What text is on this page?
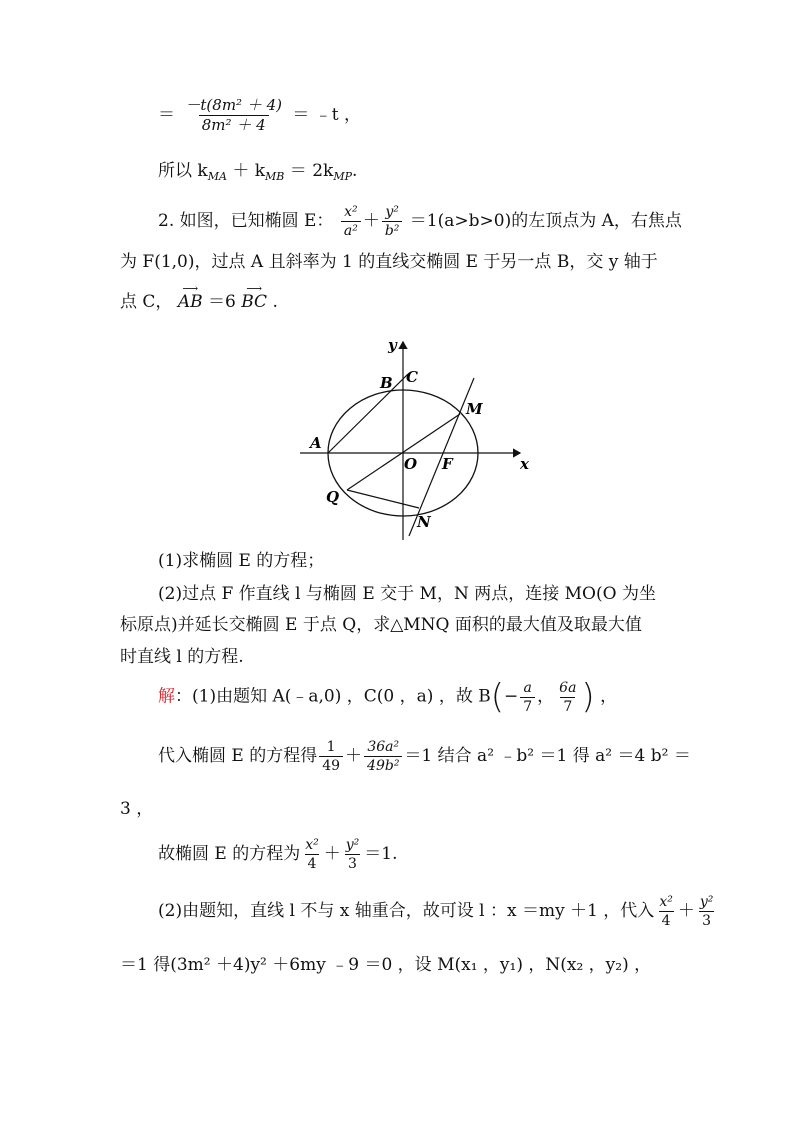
＝ $\frac{\text{－t(8m² ＋ 4)}}{\text{8m² ＋ 4}}$ ＝ ﹣t ，
所以 $k_{MA} + k_{MB} = 2k_{MP}$.
2. 如图，已知椭圆 E： $\frac{\text{x²}}{\text{a²}} + \frac{\text{y²}}{\text{b²}} =1(a>b>0)$的左顶点为 A，右焦点
为 F(1,0)，过点 A 且斜率为 1 的直线交椭圆 E 于另一点 B，交 y 轴于
点 C，
⟶
AB ＝6
⟶
BC .
y
x
A
B C
M
O F
Q
N
(1)求椭圆 E 的方程；
(2)过点 F 作直线 l 与椭圆 E 交于 M，N 两点，连接 MO(O 为坐
标原点)并延长交椭圆 E 于点 Q，求△MNQ 面积的最大值及取最大值
时直线 l 的方程.
解：(1)由题知 A(﹣a,0) ，C(0 ，a) ，故 $B(- \frac{a}{7}$ ， $\frac{6a}{7}$ ) ，
代入椭圆 E 的方程得 $\frac{1}{49} + \frac{\text{36a²}}{\text{49b²}} =1$ 结合 a² ﹣b² ＝1 得 a² ＝4 b² ＝
3 ，
故椭圆 E 的方程为 $\frac{\text{x²}}{4} + \frac{\text{y²}}{3} =1$.
(2)由题知，直线 l 不与 x 轴重合，故可设 l ：x ＝my ＋1 ，代入 $\frac{\text{x²}}{4} + \frac{\text{y²}}{3}$
＝1 得(3m² ＋4)y² ＋6my ﹣9 ＝0 ，设 M(x₁ ，y₁) ，N(x₂ ，y₂) ，
